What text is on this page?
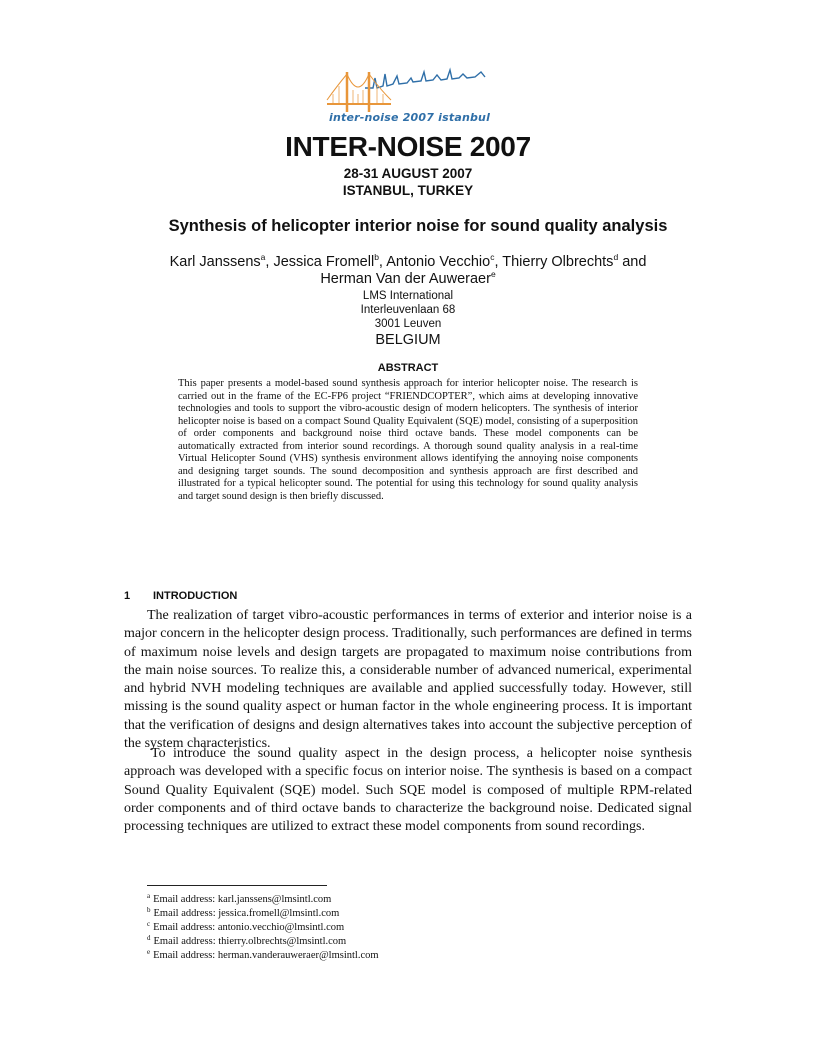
inter-noise 2007 istanbul
INTER-NOISE 2007
28-31 AUGUST 2007
ISTANBUL, TURKEY
Synthesis of helicopter interior noise for sound quality analysis
Karl Janssens$^a$, Jessica Fromell$^b$, Antonio Vecchio$^c$, Thierry Olbrechts$^d$ and Herman Van der Auweraer$^e$
LMS International
Interleuvenlaan 68
3001 Leuven
BELGIUM
ABSTRACT
This paper presents a model-based sound synthesis approach for interior helicopter noise. The research is carried out in the frame of the EC-FP6 project “FRIENDCOPTER”, which aims at developing innovative technologies and tools to support the vibro-acoustic design of modern helicopters. The synthesis of interior helicopter noise is based on a compact Sound Quality Equivalent (SQE) model, consisting of a superposition of order components and background noise third octave bands. These model components can be automatically extracted from interior sound recordings. A thorough sound quality analysis in a real-time Virtual Helicopter Sound (VHS) synthesis environment allows identifying the annoying noise components and designing target sounds. The sound decomposition and synthesis approach are first described and illustrated for a typical helicopter sound. The potential for using this technology for sound quality analysis and target sound design is then briefly discussed.
1 INTRODUCTION
The realization of target vibro-acoustic performances in terms of exterior and interior noise is a major concern in the helicopter design process. Traditionally, such performances are defined in terms of maximum noise levels and design targets are propagated to maximum noise contributions from the main noise sources. To realize this, a considerable number of advanced numerical, experimental and hybrid NVH modeling techniques are available and applied successfully today. However, still missing is the sound quality aspect or human factor in the whole engineering process. It is important that the verification of designs and design alternatives takes into account the subjective perception of the system characteristics.
To introduce the sound quality aspect in the design process, a helicopter noise synthesis approach was developed with a specific focus on interior noise. The synthesis is based on a compact Sound Quality Equivalent (SQE) model. Such SQE model is composed of multiple RPM-related order components and of third octave bands to characterize the background noise. Dedicated signal processing techniques are utilized to extract these model components from sound recordings.
$^a$ Email address: karl.janssens@lmsintl.com
$^b$ Email address: jessica.fromell@lmsintl.com
$^c$ Email address: antonio.vecchio@lmsintl.com
$^d$ Email address: thierry.olbrechts@lmsintl.com
$^e$ Email address: herman.vanderauweraer@lmsintl.com
